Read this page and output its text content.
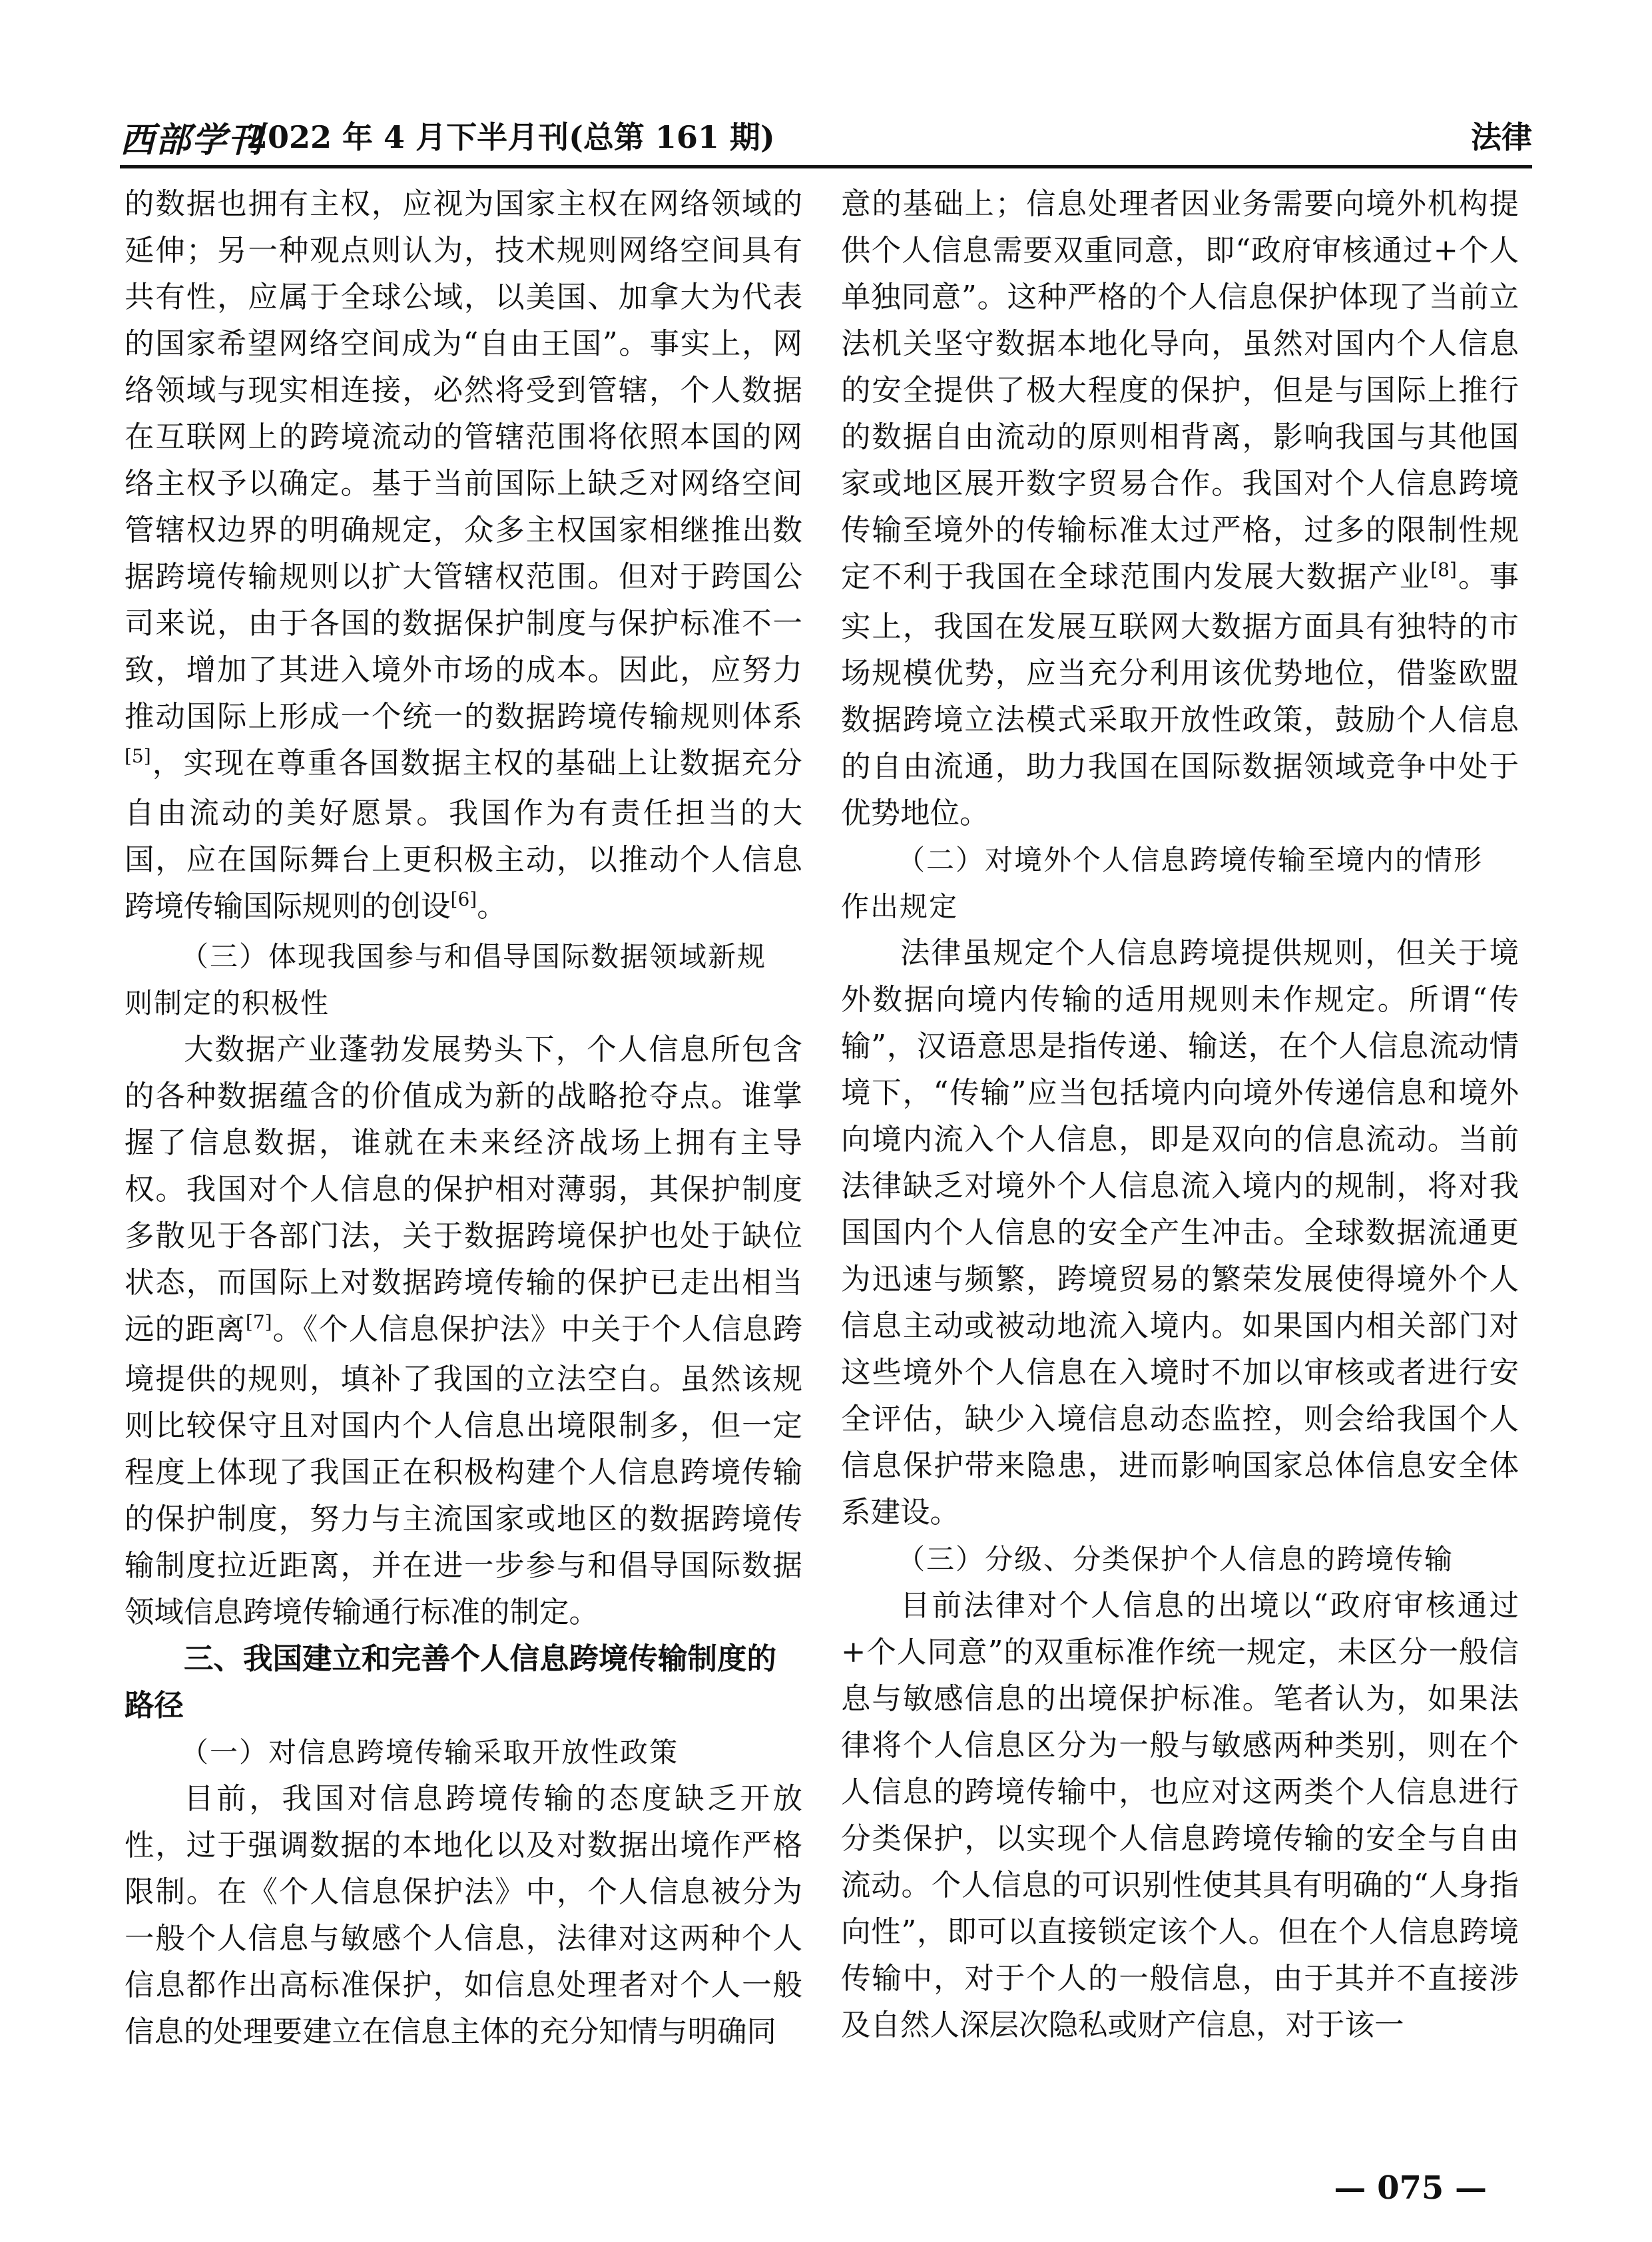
西部学刊
2022 年 4 月下半月刊(总第 161 期)	法律

的数据也拥有主权，应视为国家主权在网络领域的延伸；另一种观点则认为，技术规则网络空间具有共有性，应属于全球公域，以美国、加拿大为代表的国家希望网络空间成为“自由王国”。事实上，网络领域与现实相连接，必然将受到管辖，个人数据在互联网上的跨境流动的管辖范围将依照本国的网络主权予以确定。基于当前国际上缺乏对网络空间管辖权边界的明确规定，众多主权国家相继推出数据跨境传输规则以扩大管辖权范围。但对于跨国公司来说，由于各国的数据保护制度与保护标准不一致，增加了其进入境外市场的成本。因此，应努力推动国际上形成一个统一的数据跨境传输规则体系[5]，实现在尊重各国数据主权的基础上让数据充分自由流动的美好愿景。我国作为有责任担当的大国，应在国际舞台上更积极主动，以推动个人信息跨境传输国际规则的创设[6]。

（三）体现我国参与和倡导国际数据领域新规

则制定的积极性

大数据产业蓬勃发展势头下，个人信息所包含的各种数据蕴含的价值成为新的战略抢夺点。谁掌握了信息数据，谁就在未来经济战场上拥有主导权。我国对个人信息的保护相对薄弱，其保护制度多散见于各部门法，关于数据跨境保护也处于缺位状态，而国际上对数据跨境传输的保护已走出相当远的距离[7]。《个人信息保护法》中关于个人信息跨境提供的规则，填补了我国的立法空白。虽然该规则比较保守且对国内个人信息出境限制多，但一定程度上体现了我国正在积极构建个人信息跨境传输的保护制度，努力与主流国家或地区的数据跨境传输制度拉近距离，并在进一步参与和倡导国际数据领域信息跨境传输通行标准的制定。

三、我国建立和完善个人信息跨境传输制度的

路径

（一）对信息跨境传输采取开放性政策

目前，我国对信息跨境传输的态度缺乏开放性，过于强调数据的本地化以及对数据出境作严格限制。在《个人信息保护法》中，个人信息被分为一般个人信息与敏感个人信息，法律对这两种个人信息都作出高标准保护，如信息处理者对个人一般信息的处理要建立在信息主体的充分知情与明确同

意的基础上；信息处理者因业务需要向境外机构提供个人信息需要双重同意，即“政府审核通过+个人单独同意”。这种严格的个人信息保护体现了当前立法机关坚守数据本地化导向，虽然对国内个人信息的安全提供了极大程度的保护，但是与国际上推行的数据自由流动的原则相背离，影响我国与其他国家或地区展开数字贸易合作。我国对个人信息跨境传输至境外的传输标准太过严格，过多的限制性规定不利于我国在全球范围内发展大数据产业[8]。事实上，我国在发展互联网大数据方面具有独特的市场规模优势，应当充分利用该优势地位，借鉴欧盟数据跨境立法模式采取开放性政策，鼓励个人信息的自由流通，助力我国在国际数据领域竞争中处于优势地位。

（二）对境外个人信息跨境传输至境内的情形

作出规定

法律虽规定个人信息跨境提供规则，但关于境外数据向境内传输的适用规则未作规定。所谓“传输”，汉语意思是指传递、输送，在个人信息流动情境下，“传输”应当包括境内向境外传递信息和境外向境内流入个人信息，即是双向的信息流动。当前法律缺乏对境外个人信息流入境内的规制，将对我国国内个人信息的安全产生冲击。全球数据流通更为迅速与频繁，跨境贸易的繁荣发展使得境外个人信息主动或被动地流入境内。如果国内相关部门对这些境外个人信息在入境时不加以审核或者进行安全评估，缺少入境信息动态监控，则会给我国个人信息保护带来隐患，进而影响国家总体信息安全体系建设。

（三）分级、分类保护个人信息的跨境传输

目前法律对个人信息的出境以“政府审核通过+个人同意”的双重标准作统一规定，未区分一般信息与敏感信息的出境保护标准。笔者认为，如果法律将个人信息区分为一般与敏感两种类别，则在个人信息的跨境传输中，也应对这两类个人信息进行分类保护，以实现个人信息跨境传输的安全与自由流动。个人信息的可识别性使其具有明确的“人身指向性”，即可以直接锁定该个人。但在个人信息跨境传输中，对于个人的一般信息，由于其并不直接涉及自然人深层次隐私或财产信息，对于该一

— 075 —
